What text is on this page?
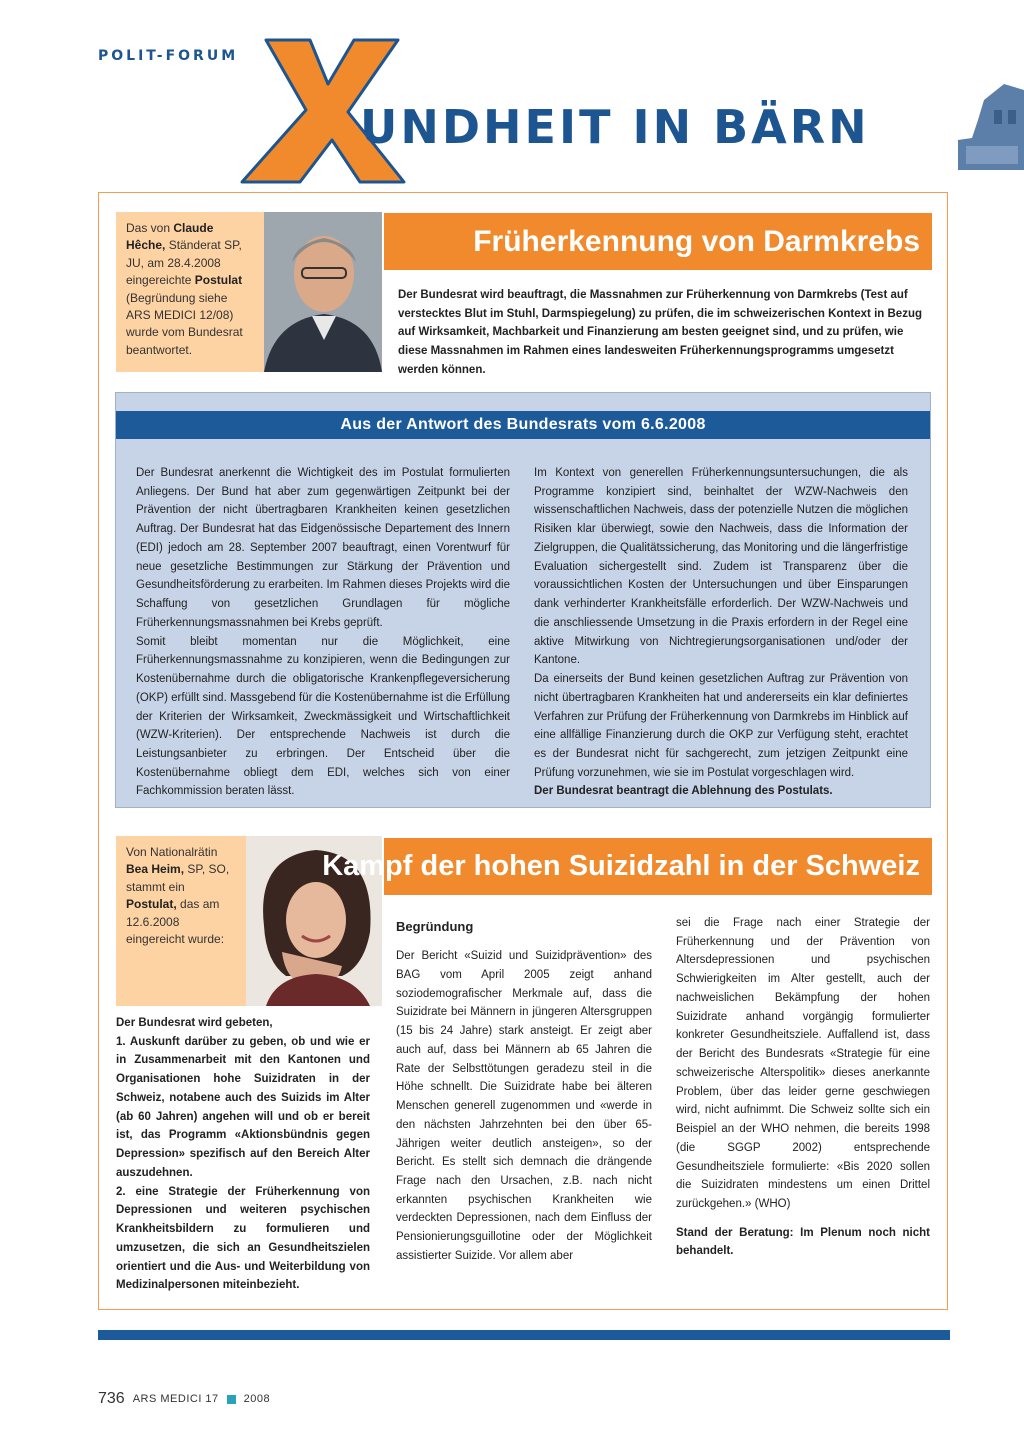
POLIT-FORUM
UNDHEIT IN BÄRN
Das von Claude Hêche, Ständerat SP, JU, am 28.4.2008 eingereichte Postulat (Begründung siehe ARS MEDICI 12/08) wurde vom Bundesrat beantwortet.
Früherkennung von Darmkrebs
Der Bundesrat wird beauftragt, die Massnahmen zur Früherkennung von Darmkrebs (Test auf verstecktes Blut im Stuhl, Darmspiegelung) zu prüfen, die im schweizerischen Kontext in Bezug auf Wirksamkeit, Machbarkeit und Finanzierung am besten geeignet sind, und zu prüfen, wie diese Massnahmen im Rahmen eines landesweiten Früherkennungsprogramms umgesetzt werden können.
Aus der Antwort des Bundesrats vom 6.6.2008

Der Bundesrat anerkennt die Wichtigkeit des im Postulat formulierten Anliegens. Der Bund hat aber zum gegenwärtigen Zeitpunkt bei der Prävention der nicht übertragbaren Krankheiten keinen gesetzlichen Auftrag. Der Bundesrat hat das Eidgenössische Departement des Innern (EDI) jedoch am 28. September 2007 beauftragt, einen Vorentwurf für neue gesetzliche Bestimmungen zur Stärkung der Prävention und Gesundheitsförderung zu erarbeiten. Im Rahmen dieses Projekts wird die Schaffung von gesetzlichen Grundlagen für mögliche Früherkennungsmassnahmen bei Krebs geprüft.

Somit bleibt momentan nur die Möglichkeit, eine Früherkennungsmassnahme zu konzipieren, wenn die Bedingungen zur Kostenübernahme durch die obligatorische Krankenpflegeversicherung (OKP) erfüllt sind. Massgebend für die Kostenübernahme ist die Erfüllung der Kriterien der Wirksamkeit, Zweckmässigkeit und Wirtschaftlichkeit (WZW-Kriterien). Der entsprechende Nachweis ist durch die Leistungsanbieter zu erbringen. Der Entscheid über die Kostenübernahme obliegt dem EDI, welches sich von einer Fachkommission beraten lässt.

Im Kontext von generellen Früherkennungsuntersuchungen, die als Programme konzipiert sind, beinhaltet der WZW-Nachweis den wissenschaftlichen Nachweis, dass der potenzielle Nutzen die möglichen Risiken klar überwiegt, sowie den Nachweis, dass die Information der Zielgruppen, die Qualitätssicherung, das Monitoring und die längerfristige Evaluation sichergestellt sind. Zudem ist Transparenz über die voraussichtlichen Kosten der Untersuchungen und über Einsparungen dank verhinderter Krankheitsfälle erforderlich. Der WZW-Nachweis und die anschliessende Umsetzung in die Praxis erfordern in der Regel eine aktive Mitwirkung von Nichtregierungsorganisationen und/oder der Kantone.

Da einerseits der Bund keinen gesetzlichen Auftrag zur Prävention von nicht übertragbaren Krankheiten hat und andererseits ein klar definiertes Verfahren zur Prüfung der Früherkennung von Darmkrebs im Hinblick auf eine allfällige Finanzierung durch die OKP zur Verfügung steht, erachtet es der Bundesrat nicht für sachgerecht, zum jetzigen Zeitpunkt eine Prüfung vorzunehmen, wie sie im Postulat vorgeschlagen wird.

Der Bundesrat beantragt die Ablehnung des Postulats.

Von Nationalrätin
Bea Heim, SP, SO, stammt ein
Postulat, das am 12.6.2008 eingereicht wurde:
Kampf der hohen Suizidzahl in der Schweiz
Der Bundesrat wird gebeten,
1. Auskunft darüber zu geben, ob und wie er in Zusammenarbeit mit den Kantonen und Organisationen hohe Suizidraten in der Schweiz, notabene auch des Suizids im Alter (ab 60 Jahren) angehen will und ob er bereit ist, das Programm «Aktionsbündnis gegen Depression» spezifisch auf den Bereich Alter auszudehnen.
2. eine Strategie der Früherkennung von Depressionen und weiteren psychischen Krankheitsbildern zu formulieren und umzusetzen, die sich an Gesundheitszielen orientiert und die Aus- und Weiterbildung von Medizinalpersonen miteinbezieht.

Begründung

Der Bericht «Suizid und Suizidprävention» des BAG vom April 2005 zeigt anhand soziodemografischer Merkmale auf, dass die Suizidrate bei Männern in jüngeren Altersgruppen (15 bis 24 Jahre) stark ansteigt. Er zeigt aber auch auf, dass bei Männern ab 65 Jahren die Rate der Selbsttötungen geradezu steil in die Höhe schnellt. Die Suizidrate habe bei älteren Menschen generell zugenommen und «werde in den nächsten Jahrzehnten bei den über 65-Jährigen weiter deutlich ansteigen», so der Bericht. Es stellt sich demnach die drängende Frage nach den Ursachen, z.B. nach nicht erkannten psychischen Krankheiten wie verdeckten Depressionen, nach dem Einfluss der Pensionierungsguillotine oder der Möglichkeit assistierter Suizide. Vor allem aber

sei die Frage nach einer Strategie der Früherkennung und der Prävention von Altersdepressionen und psychischen Schwierigkeiten im Alter gestellt, auch der nachweislichen Bekämpfung der hohen Suizidrate anhand vorgängig formulierter konkreter Gesundheitsziele. Auffallend ist, dass der Bericht des Bundesrats «Strategie für eine schweizerische Alterspolitik» dieses anerkannte Problem, über das leider gerne geschwiegen wird, nicht aufnimmt. Die Schweiz sollte sich ein Beispiel an der WHO nehmen, die bereits 1998 (die SGGP 2002) entsprechende Gesundheitsziele formulierte: «Bis 2020 sollen die Suizidraten mindestens um einen Drittel zurückgehen.» (WHO)

Stand der Beratung: Im Plenum noch nicht behandelt.

736 ARS MEDICI 17 2008
